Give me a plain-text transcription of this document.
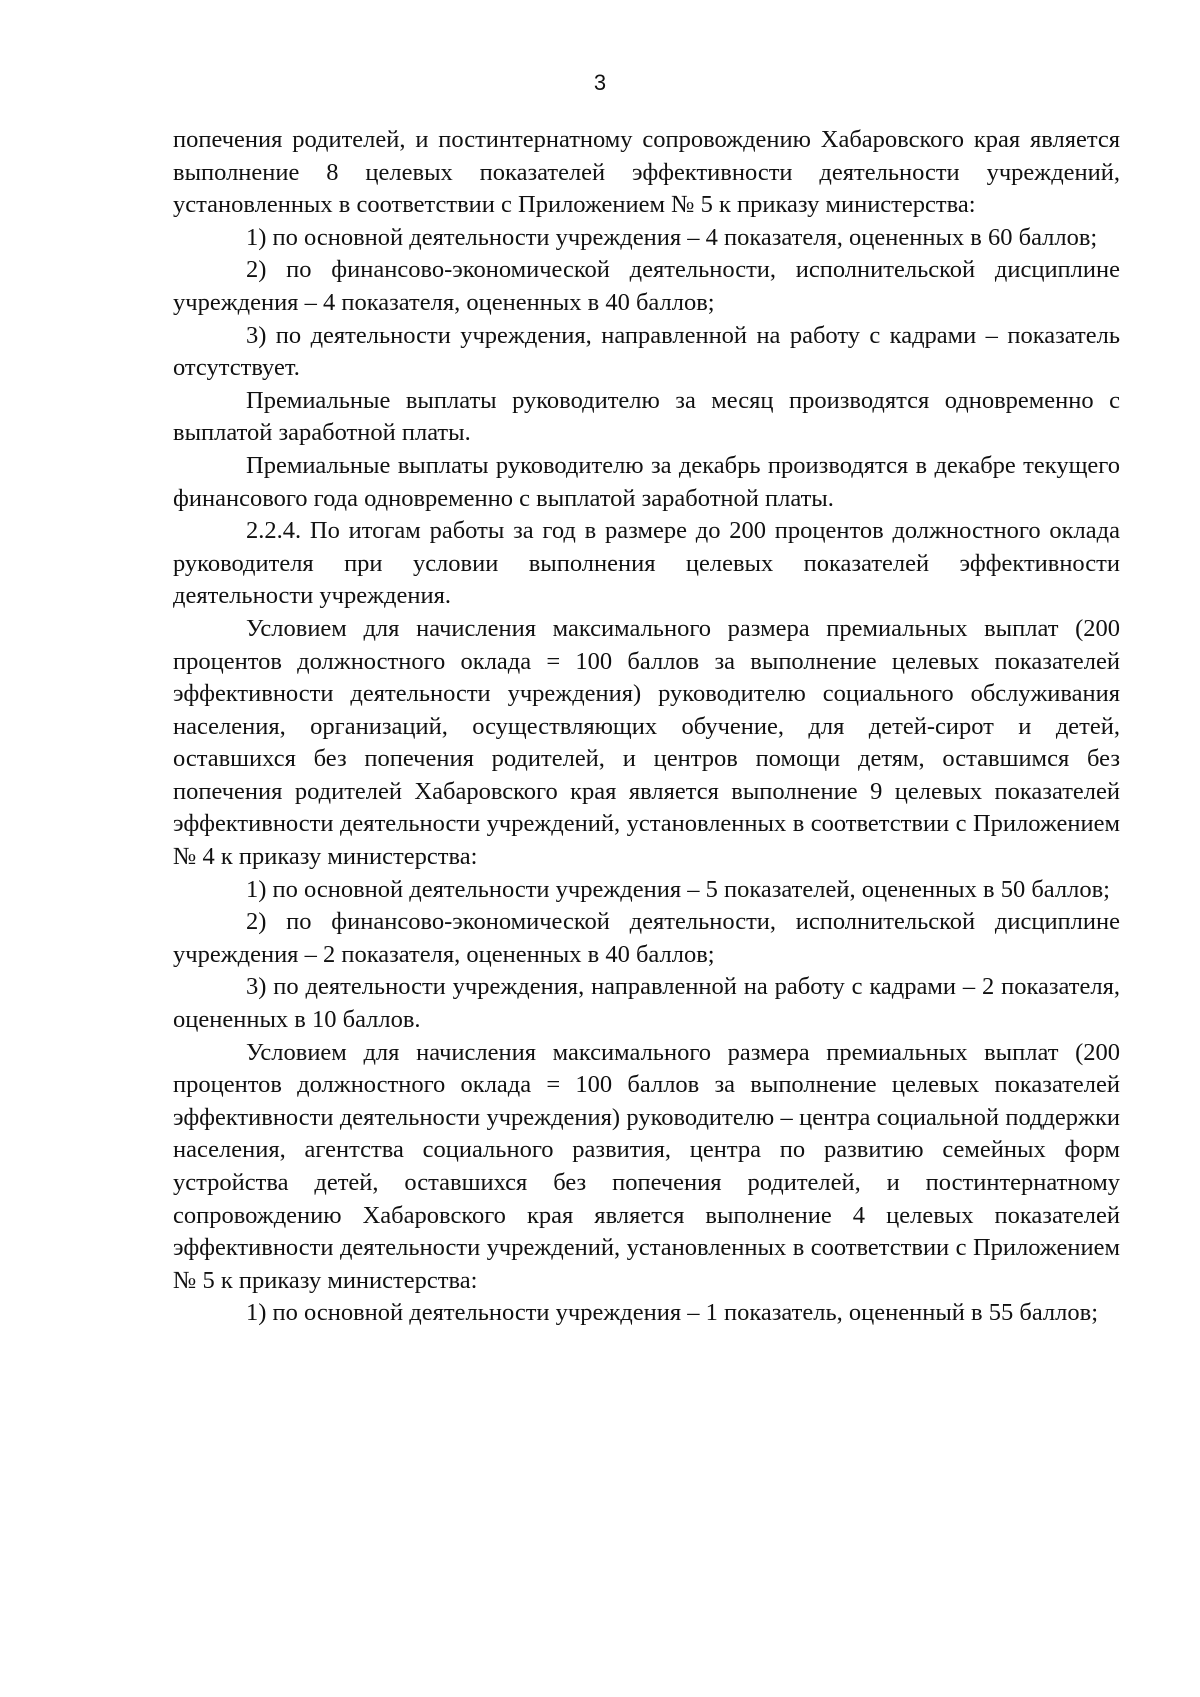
3

попечения родителей, и постинтернатному сопровождению Хабаровского края является выполнение 8 целевых показателей эффективности деятельности учреждений, установленных в соответствии с Приложением № 5 к приказу министерства:

1) по основной деятельности учреждения – 4 показателя, оцененных в 60 баллов;

2) по финансово-экономической деятельности, исполнительской дисциплине учреждения – 4 показателя, оцененных в 40 баллов;

3) по деятельности учреждения, направленной на работу с кадрами – показатель отсутствует.

Премиальные выплаты руководителю за месяц производятся одновременно с выплатой заработной платы.

Премиальные выплаты руководителю за декабрь производятся в декабре текущего финансового года одновременно с выплатой заработной платы.

2.2.4. По итогам работы за год в размере до 200 процентов должностного оклада руководителя при условии выполнения целевых показателей эффективности деятельности учреждения.

Условием для начисления максимального размера премиальных выплат (200 процентов должностного оклада = 100 баллов за выполнение целевых показателей эффективности деятельности учреждения) руководителю социального обслуживания населения, организаций, осуществляющих обучение, для детей-сирот и детей, оставшихся без попечения родителей, и центров помощи детям, оставшимся без попечения родителей Хабаровского края является выполнение 9 целевых показателей эффективности деятельности учреждений, установленных в соответствии с Приложением № 4 к приказу министерства:

1) по основной деятельности учреждения – 5 показателей, оцененных в 50 баллов;

2) по финансово-экономической деятельности, исполнительской дисциплине учреждения – 2 показателя, оцененных в 40 баллов;

3) по деятельности учреждения, направленной на работу с кадрами – 2 показателя, оцененных в 10 баллов.

Условием для начисления максимального размера премиальных выплат (200 процентов должностного оклада = 100 баллов за выполнение целевых показателей эффективности деятельности учреждения) руководителю – центра социальной поддержки населения, агентства социального развития, центра по развитию семейных форм устройства детей, оставшихся без попечения родителей, и постинтернатному сопровождению Хабаровского края является выполнение 4 целевых показателей эффективности деятельности учреждений, установленных в соответствии с Приложением № 5 к приказу министерства:

1) по основной деятельности учреждения – 1 показатель, оцененный в 55 баллов;
